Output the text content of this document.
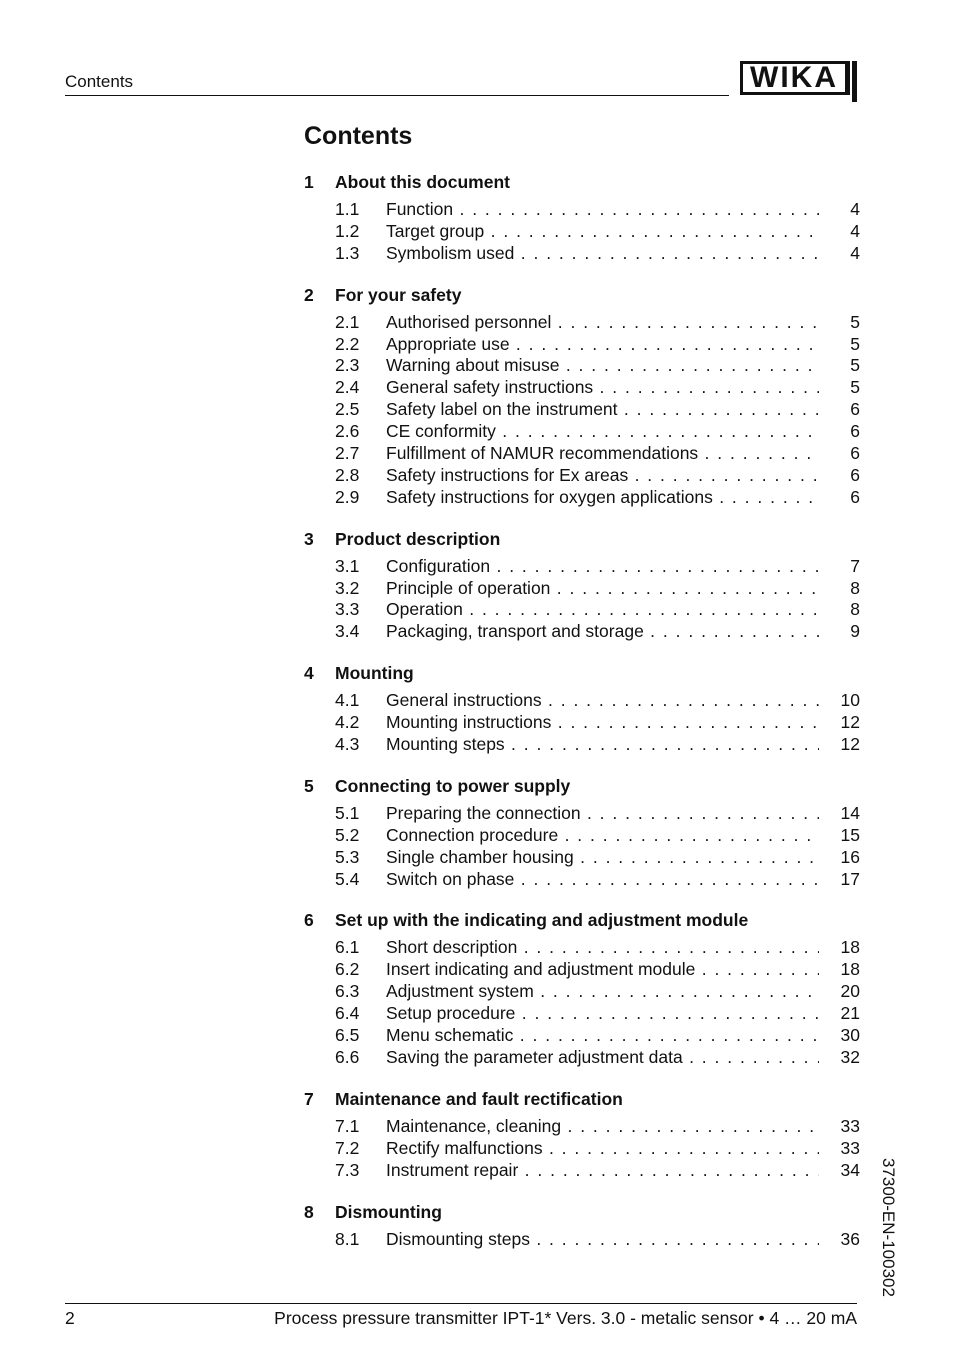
Contents	WIKA
Contents
1	About this document
1.1	Function . . .	4
1.2	Target group . . .	4
1.3	Symbolism used . . .	4
2	For your safety
2.1	Authorised personnel . . .	5
2.2	Appropriate use . . .	5
2.3	Warning about misuse . . .	5
2.4	General safety instructions . . .	5
2.5	Safety label on the instrument . . .	6
2.6	CE conformity . . .	6
2.7	Fulfillment of NAMUR recommendations . . .	6
2.8	Safety instructions for Ex areas . . .	6
2.9	Safety instructions for oxygen applications . . .	6
3	Product description
3.1	Configuration . . .	7
3.2	Principle of operation . . .	8
3.3	Operation . . .	8
3.4	Packaging, transport and storage . . .	9
4	Mounting
4.1	General instructions . . .	10
4.2	Mounting instructions . . .	12
4.3	Mounting steps . . .	12
5	Connecting to power supply
5.1	Preparing the connection . . .	14
5.2	Connection procedure . . .	15
5.3	Single chamber housing . . .	16
5.4	Switch on phase . . .	17
6	Set up with the indicating and adjustment module
6.1	Short description . . .	18
6.2	Insert indicating and adjustment module . . .	18
6.3	Adjustment system . . .	20
6.4	Setup procedure . . .	21
6.5	Menu schematic . . .	30
6.6	Saving the parameter adjustment data . . .	32
7	Maintenance and fault rectification
7.1	Maintenance, cleaning . . .	33
7.2	Rectify malfunctions . . .	33
7.3	Instrument repair . . .	34
8	Dismounting
8.1	Dismounting steps . . .	36 37300-EN-100302
2	Process pressure transmitter IPT-1* Vers. 3.0 - metalic sensor • 4 … 20 mA
